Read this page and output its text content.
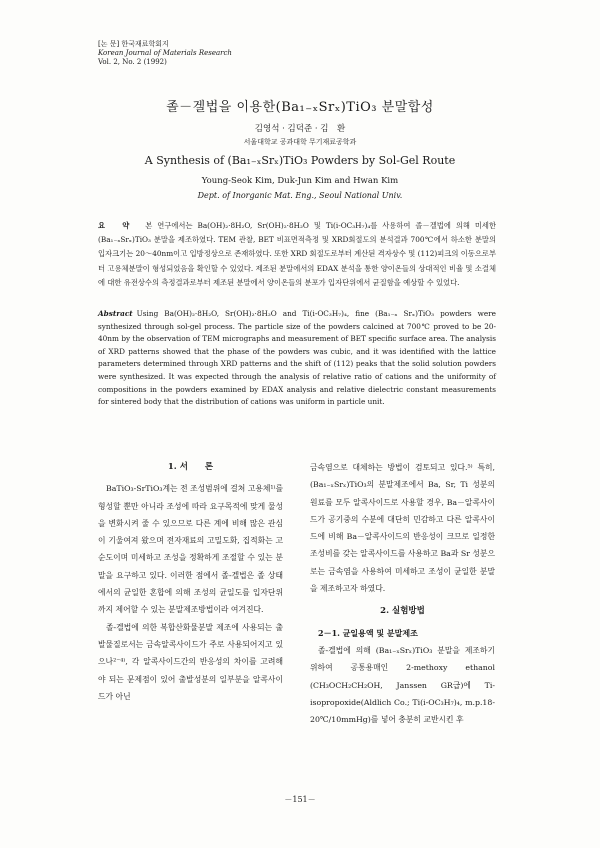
[논 문] 한국재료학회지
Korean Journal of Materials Research
Vol. 2, No. 2 (1992)
졸－겔법을 이용한(Ba₁₋ₓSrₓ)TiO₃ 분말합성
김영석 · 김덕준 · 김　환
서울대학교 공과대학 무기재료공학과
A Synthesis of (Ba₁₋ₓSrₓ)TiO₃ Powders by Sol-Gel Route
Young-Seok Kim, Duk-Jun Kim and Hwan Kim
Dept. of Inorganic Mat. Eng., Seoul National Univ.
요 약 본 연구에서는 Ba(OH)₂·8H₂O, Sr(OH)₂·8H₂O 및 Ti(i-OC₃H₇)₄를 사용하여 졸－겔법에 의해 미세한 (Ba₁₋ₓSrₓ)TiO₃ 분말을 제조하였다. TEM 관찰, BET 비표면적측정 및 XRD회절도의 분석결과 700℃에서 하소한 분말의 입자크기는 20～40nm이고 입방정상으로 존재하였다. 또한 XRD 회절도로부터 계산된 격자상수 및 (112)피크의 이동으로부터 고용체분말이 형성되었음을 확인할 수 있었다. 제조된 분말에서의 EDAX 분석을 통한 양이온들의 상대적인 비율 및 소결체에 대한 유전상수의 측정결과로부터 제조된 분말에서 양이온들의 분포가 입자단위에서 균질함을 예상할 수 있었다.
Abstract Using Ba(OH)₂·8H₂O, Sr(OH)₂·8H₂O and Ti(i-OC₃H₇)₄, fine (Ba₁₋ₓ Srₓ)TiO₃ powders were synthesized through sol-gel process. The particle size of the powders calcined at 700℃ proved to be 20-40nm by the observation of TEM micrographs and measurement of BET specific surface area. The analysis of XRD patterns showed that the phase of the powders was cubic, and it was identified with the lattice parameters determined through XRD patterns and the shift of (112) peaks that the solid solution powders were synthesized. It was expected through the analysis of relative ratio of cations and the uniformity of compositions in the powders examined by EDAX analysis and relative dielectric constant measurements for sintered body that the distribution of cations was uniform in particle unit.
1. 서　　론

BaTiO₃-SrTiO₃계는 전 조성범위에 걸쳐 고용체¹⁾를 형성할 뿐만 아니라 조성에 따라 요구목적에 맞게 물성을 변화시켜 줄 수 있으므로 다른 계에 비해 많은 관심이 기울여져 왔으며 전자재료의 고밀도화, 집적화는 고순도이며 미세하고 조성을 정확하게 조절할 수 있는 분말을 요구하고 있다. 이러한 점에서 졸-겔법은 졸 상태에서의 균일한 혼합에 의해 조성의 균일도를 입자단위까지 제어할 수 있는 분말제조방법이라 여겨진다.

졸-겔법에 의한 복합산화물분말 제조에 사용되는 출발물질로서는 금속알콕사이드가 주로 사용되어지고 있으나²⁻⁴⁾, 각 알콕사이드간의 반응성의 차이를 고려해야 되는 문제점이 있어 출발성분의 일부분을 알콕사이드가 아닌

금속염으로 대체하는 방법이 검토되고 있다.⁵⁾ 특히, (Ba₁₋ₓSrₓ)TiO₃의 분말제조에서 Ba, Sr, Ti 성분의 원료를 모두 알콕사이드로 사용할 경우, Ba－알콕사이드가 공기중의 수분에 대단히 민감하고 다른 알콕사이드에 비해 Ba－알콕사이드의 반응성이 크므로 일정한 조성비를 갖는 알콕사이드를 사용하고 Ba과 Sr 성분으로는 금속염을 사용하여 미세하고 조성이 균일한 분말을 제조하고자 하였다.

2. 실험방법
2－1. 균일용액 및 분말제조

졸-겔법에 의해 (Ba₁₋ₓSrₓ)TiO₃ 분말을 제조하기 위하여 공통용매인 2-methoxy ethanol (CH₃OCH₂CH₂OH, Janssen GR급)에 Ti-isopropoxide(Aldlich Co.; Ti(i-OC₃H₇)₄, m.p.18-20℃/10mmHg)를 넣어 충분히 교반시킨 후

－151－
